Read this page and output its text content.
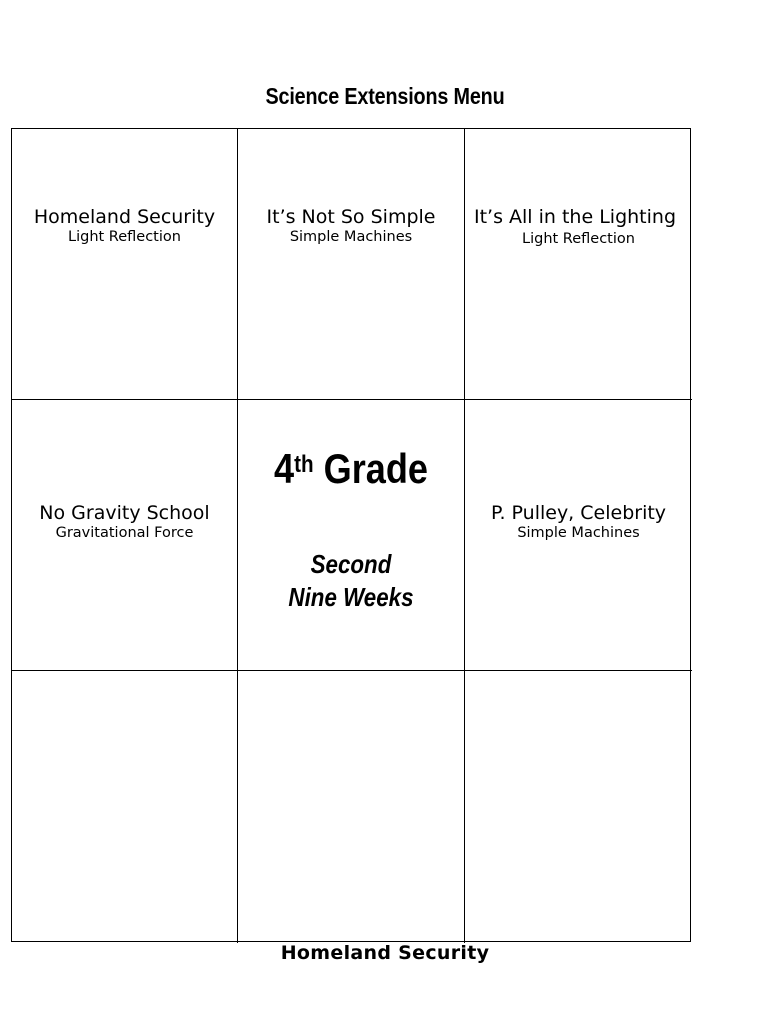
Science Extensions Menu
Homeland Security
Light Reflection
It’s Not So Simple
Simple Machines
It’s All in the Lighting
Light Reflection
No Gravity School
Gravitational Force
4th Grade
Second Nine Weeks
P. Pulley, Celebrity
Simple Machines
Homeland Security
